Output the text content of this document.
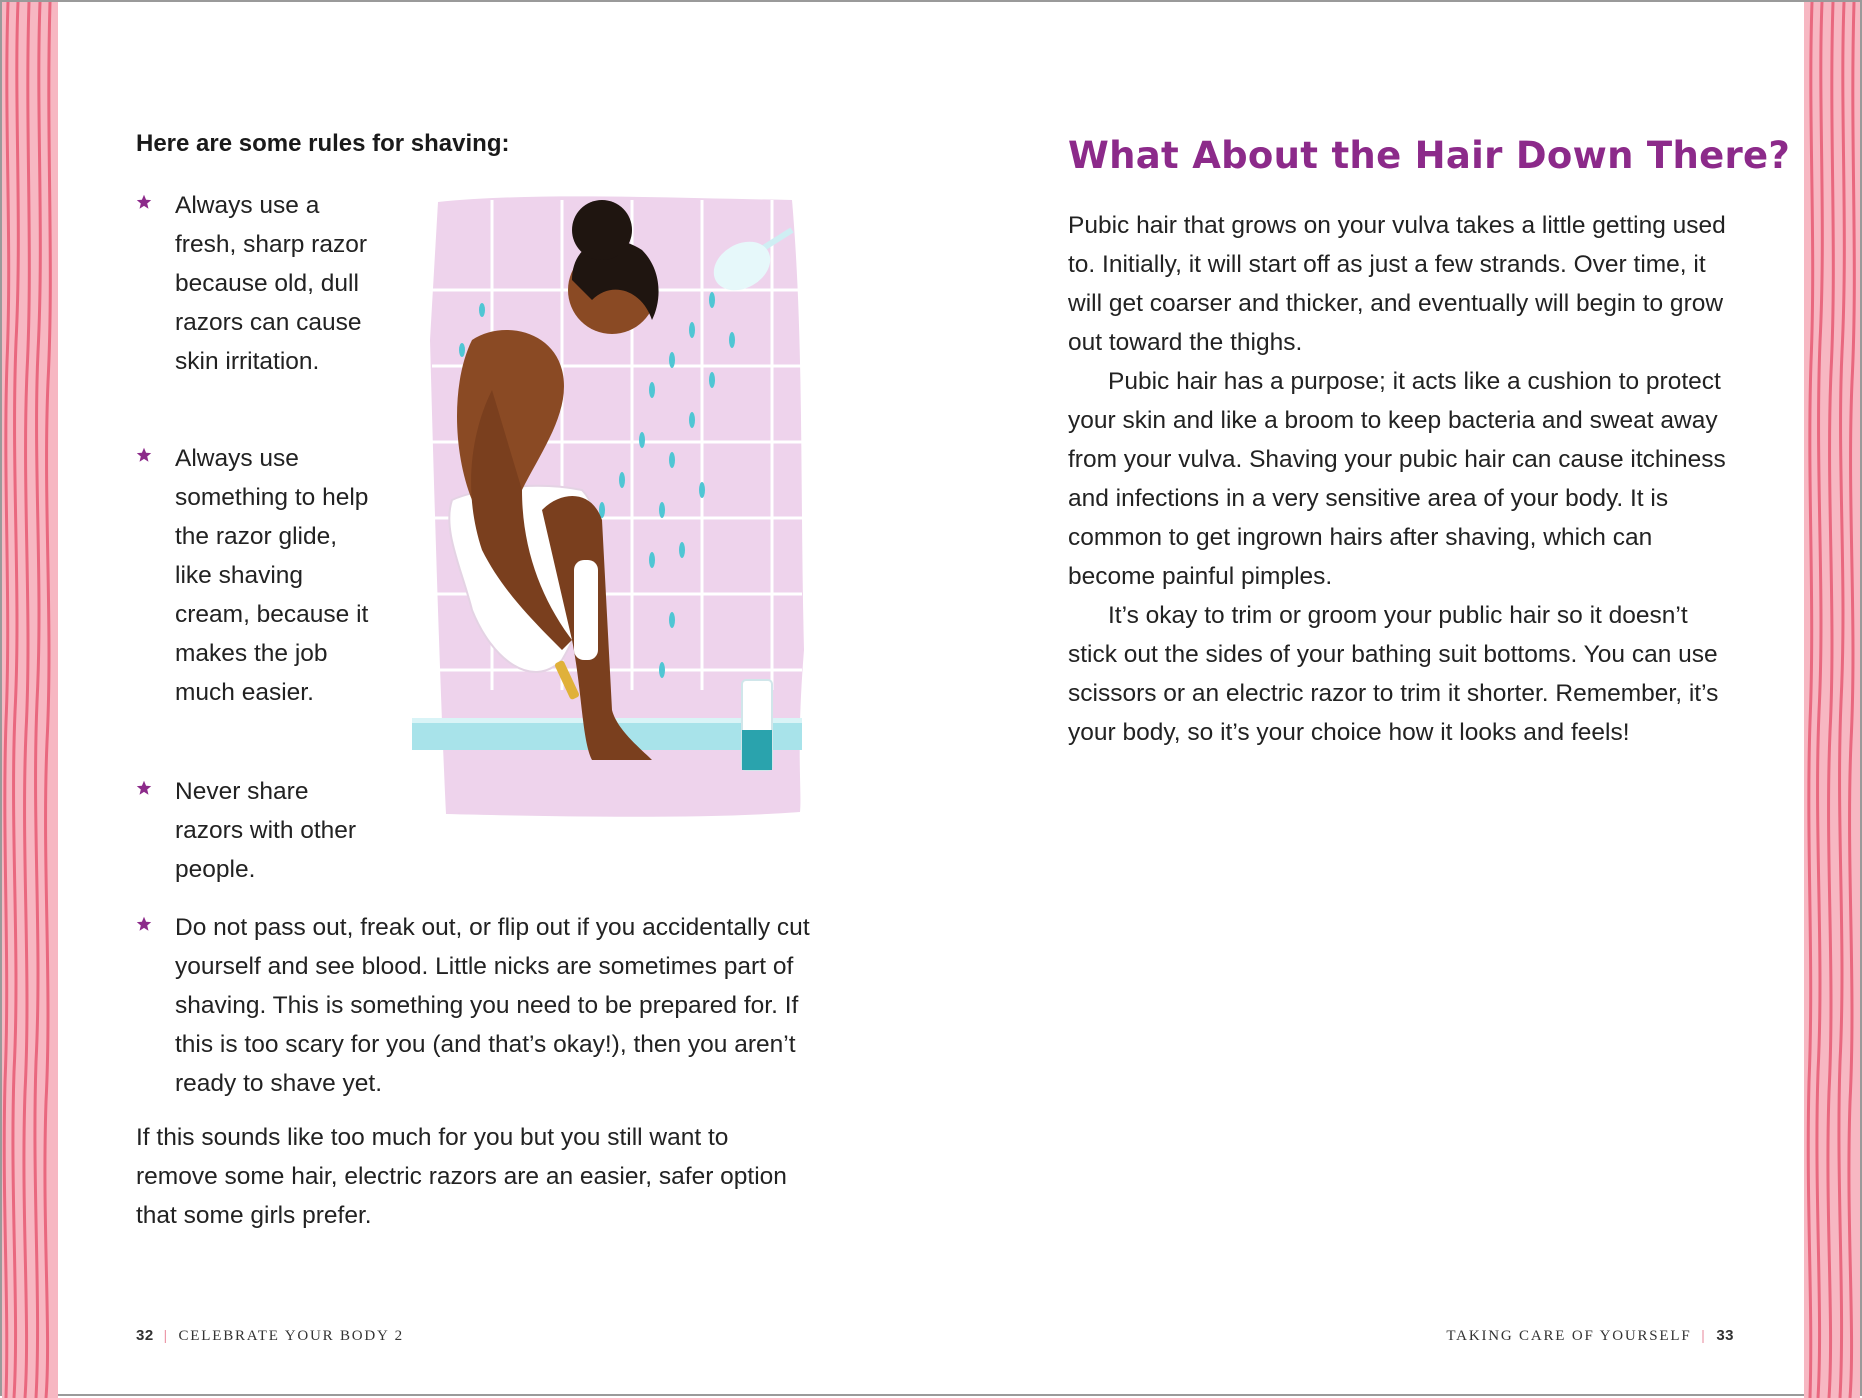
Here are some rules for shaving:
Always use a fresh, sharp razor because old, dull razors can cause skin irritation.
Always use something to help the razor glide, like shaving cream, because it makes the job much easier.
Never share razors with other people.
Do not pass out, freak out, or flip out if you accidentally cut yourself and see blood. Little nicks are sometimes part of shaving. This is something you need to be prepared for. If this is too scary for you (and that’s okay!), then you aren’t ready to shave yet.
If this sounds like too much for you but you still want to remove some hair, electric razors are an easier, safer option that some girls prefer.
32 | CELEBRATE YOUR BODY 2
What About the Hair Down There?

Pubic hair that grows on your vulva takes a little getting used to. Initially, it will start off as just a few strands. Over time, it will get coarser and thicker, and eventually will begin to grow out toward the thighs.

Pubic hair has a purpose; it acts like a cushion to protect your skin and like a broom to keep bacteria and sweat away from your vulva. Shaving your pubic hair can cause itchiness and infections in a very sensitive area of your body. It is common to get ingrown hairs after shaving, which can become painful pimples.

It’s okay to trim or groom your public hair so it doesn’t stick out the sides of your bathing suit bottoms. You can use scissors or an electric razor to trim it shorter. Remember, it’s your body, so it’s your choice how it looks and feels!

TAKING CARE OF YOURSELF | 33
